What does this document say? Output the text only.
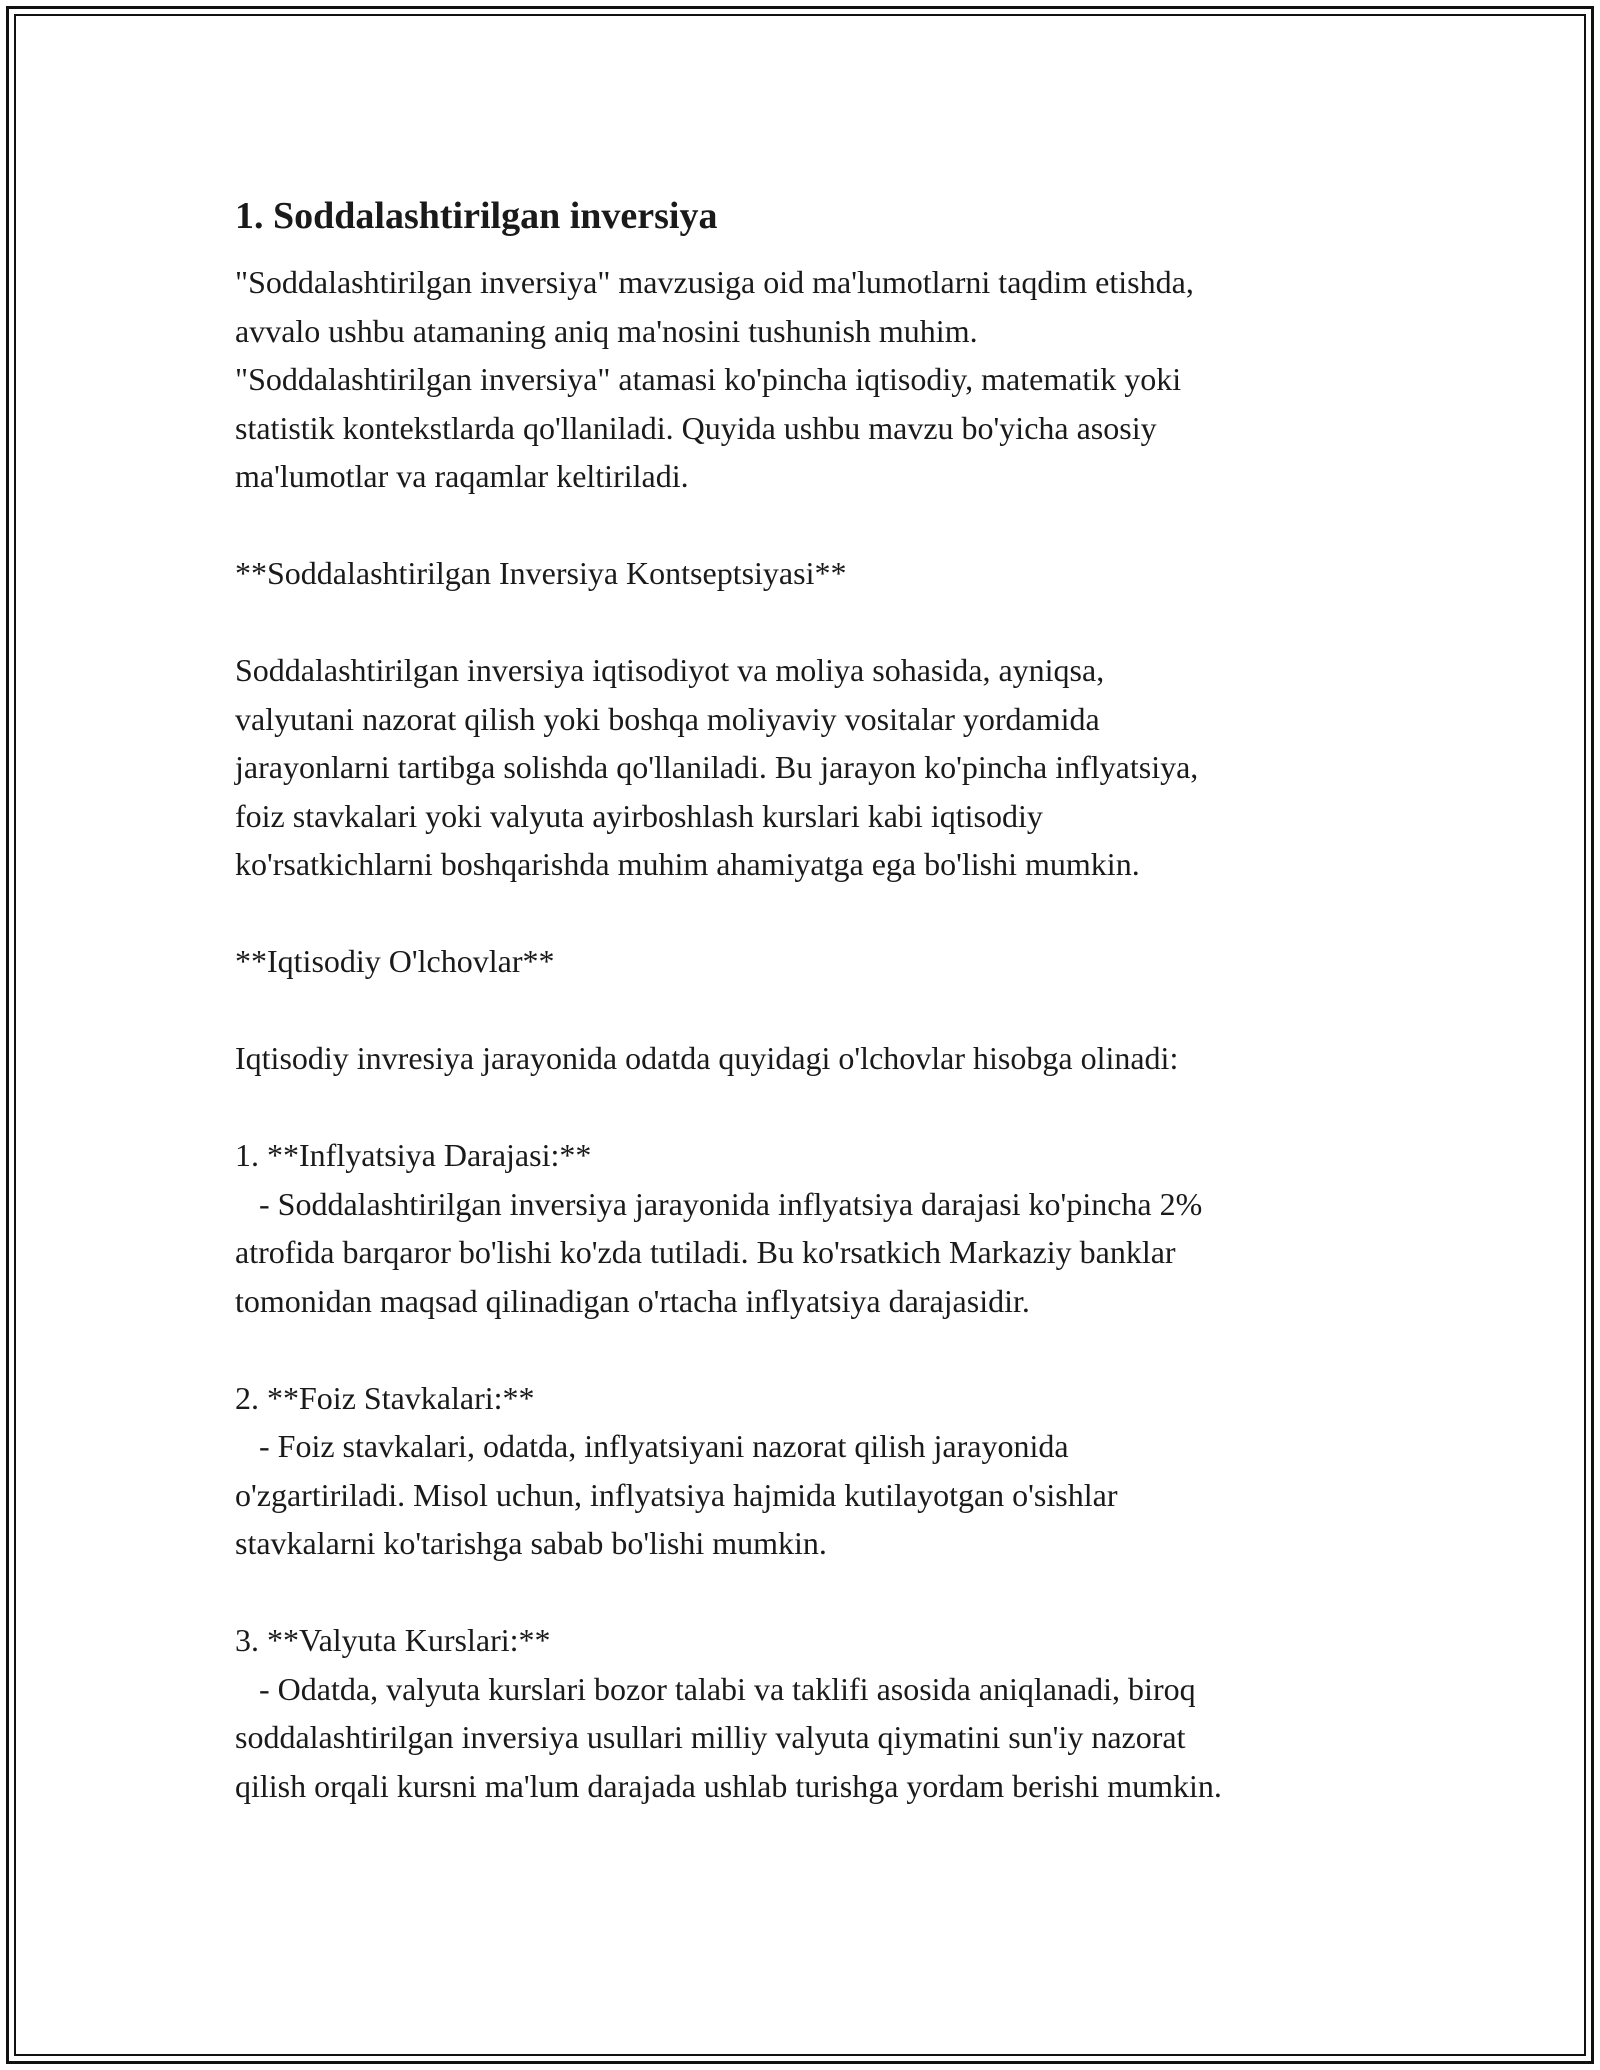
1. Soddalashtirilgan inversiya
"Soddalashtirilgan inversiya" mavzusiga oid ma'lumotlarni taqdim etishda,
avvalo ushbu atamaning aniq ma'nosini tushunish muhim.
"Soddalashtirilgan inversiya" atamasi ko'pincha iqtisodiy, matematik yoki
statistik kontekstlarda qo'llaniladi. Quyida ushbu mavzu bo'yicha asosiy
ma'lumotlar va raqamlar keltiriladi.
**Soddalashtirilgan Inversiya Kontseptsiyasi**
Soddalashtirilgan inversiya iqtisodiyot va moliya sohasida, ayniqsa,
valyutani nazorat qilish yoki boshqa moliyaviy vositalar yordamida
jarayonlarni tartibga solishda qo'llaniladi. Bu jarayon ko'pincha inflyatsiya,
foiz stavkalari yoki valyuta ayirboshlash kurslari kabi iqtisodiy
ko'rsatkichlarni boshqarishda muhim ahamiyatga ega bo'lishi mumkin.
**Iqtisodiy O'lchovlar**
Iqtisodiy invresiya jarayonida odatda quyidagi o'lchovlar hisobga olinadi:
1. **Inflyatsiya Darajasi:**
- Soddalashtirilgan inversiya jarayonida inflyatsiya darajasi ko'pincha 2%
atrofida barqaror bo'lishi ko'zda tutiladi. Bu ko'rsatkich Markaziy banklar
tomonidan maqsad qilinadigan o'rtacha inflyatsiya darajasidir.
2. **Foiz Stavkalari:**
- Foiz stavkalari, odatda, inflyatsiyani nazorat qilish jarayonida
o'zgartiriladi. Misol uchun, inflyatsiya hajmida kutilayotgan o'sishlar
stavkalarni ko'tarishga sabab bo'lishi mumkin.
3. **Valyuta Kurslari:**
- Odatda, valyuta kurslari bozor talabi va taklifi asosida aniqlanadi, biroq
soddalashtirilgan inversiya usullari milliy valyuta qiymatini sun'iy nazorat
qilish orqali kursni ma'lum darajada ushlab turishga yordam berishi mumkin.
